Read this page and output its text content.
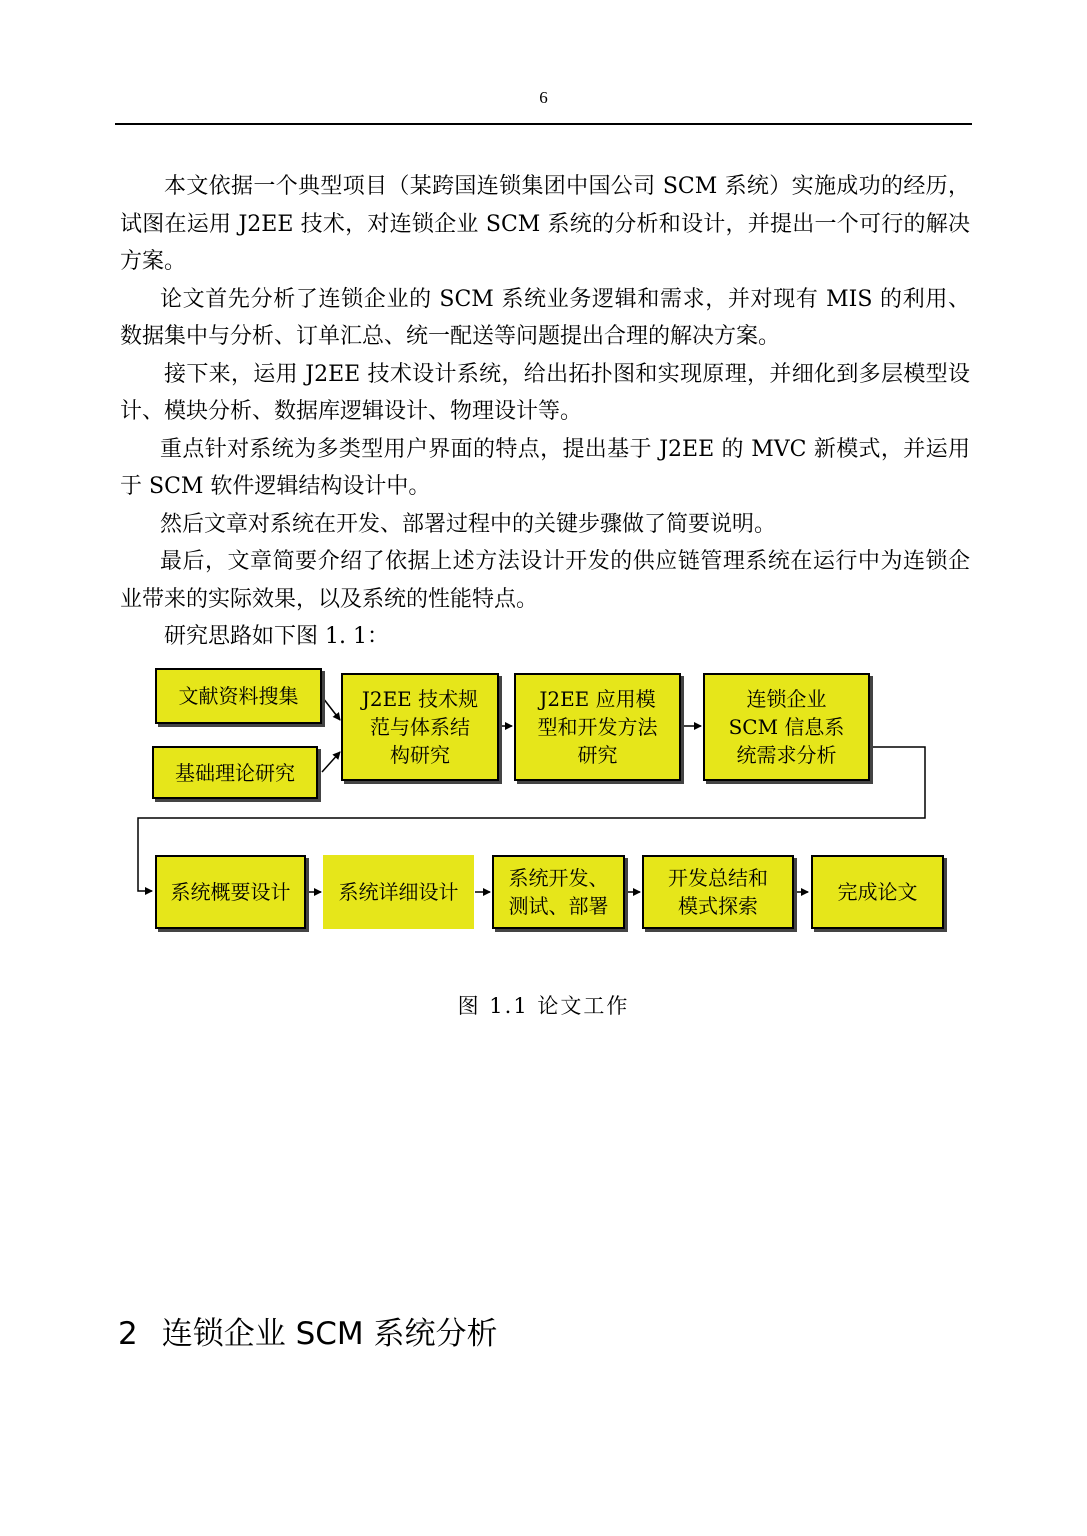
6

本文依据一个典型项目（某跨国连锁集团中国公司 SCM 系统）实施成功的经历，试图在运用 J2EE 技术，对连锁企业 SCM 系统的分析和设计，并提出一个可行的解决方案。

论文首先分析了连锁企业的 SCM 系统业务逻辑和需求，并对现有 MIS 的利用、数据集中与分析、订单汇总、统一配送等问题提出合理的解决方案。

接下来，运用 J2EE 技术设计系统，给出拓扑图和实现原理，并细化到多层模型设计、模块分析、数据库逻辑设计、物理设计等。

重点针对系统为多类型用户界面的特点，提出基于 J2EE 的 MVC 新模式，并运用于 SCM 软件逻辑结构设计中。

然后文章对系统在开发、部署过程中的关键步骤做了简要说明。

最后，文章简要介绍了依据上述方法设计开发的供应链管理系统在运行中为连锁企业带来的实际效果，以及系统的性能特点。

研究思路如下图 1. 1：

文献资料搜集
基础理论研究
J2EE 技术规
范与体系结
构研究
J2EE 应用模
型和开发方法
研究
连锁企业
SCM 信息系
统需求分析
系统概要设计 系统详细设计
系统开发、
测试、部署
开发总结和
模式探索
完成论文
图 1.1 论文工作
2 连锁企业 SCM 系统分析
